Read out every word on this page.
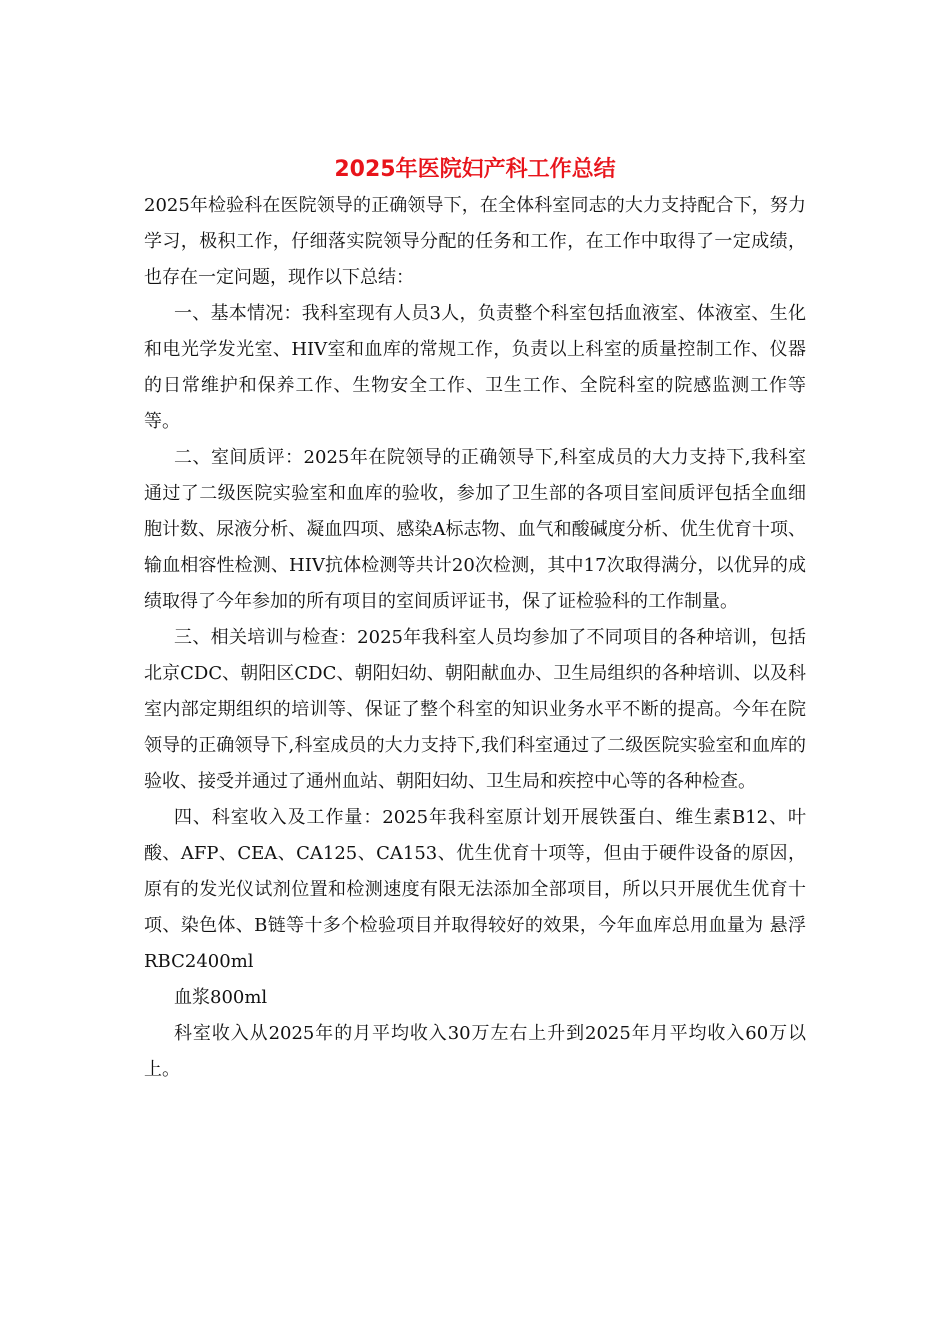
2025年医院妇产科工作总结

2025年检验科在医院领导的正确领导下，在全体科室同志的大力支持配合下，努力学习，极积工作，仔细落实院领导分配的任务和工作，在工作中取得了一定成绩，也存在一定问题，现作以下总结：

一、基本情况：我科室现有人员3人，负责整个科室包括血液室、体液室、生化和电光学发光室、HIV室和血库的常规工作，负责以上科室的质量控制工作、仪器的日常维护和保养工作、生物安全工作、卫生工作、全院科室的院感监测工作等等。

二、室间质评：2025年在院领导的正确领导下,科室成员的大力支持下,我科室通过了二级医院实验室和血库的验收，参加了卫生部的各项目室间质评包括全血细胞计数、尿液分析、凝血四项、感染A标志物、血气和酸碱度分析、优生优育十项、输血相容性检测、HIV抗体检测等共计20次检测，其中17次取得满分，以优异的成绩取得了今年参加的所有项目的室间质评证书，保了证检验科的工作制量。

三、相关培训与检查：2025年我科室人员均参加了不同项目的各种培训，包括北京CDC、朝阳区CDC、朝阳妇幼、朝阳献血办、卫生局组织的各种培训、以及科室内部定期组织的培训等、保证了整个科室的知识业务水平不断的提高。今年在院领导的正确领导下,科室成员的大力支持下,我们科室通过了二级医院实验室和血库的验收、接受并通过了通州血站、朝阳妇幼、卫生局和疾控中心等的各种检查。

四、科室收入及工作量：2025年我科室原计划开展铁蛋白、维生素B12、叶酸、AFP、CEA、CA125、CA153、优生优育十项等，但由于硬件设备的原因，原有的发光仪试剂位置和检测速度有限无法添加全部项目，所以只开展优生优育十项、染色体、B链等十多个检验项目并取得较好的效果，今年血库总用血量为 悬浮RBC2400ml

血浆800ml

科室收入从2025年的月平均收入30万左右上升到2025年月平均收入60万以上。
